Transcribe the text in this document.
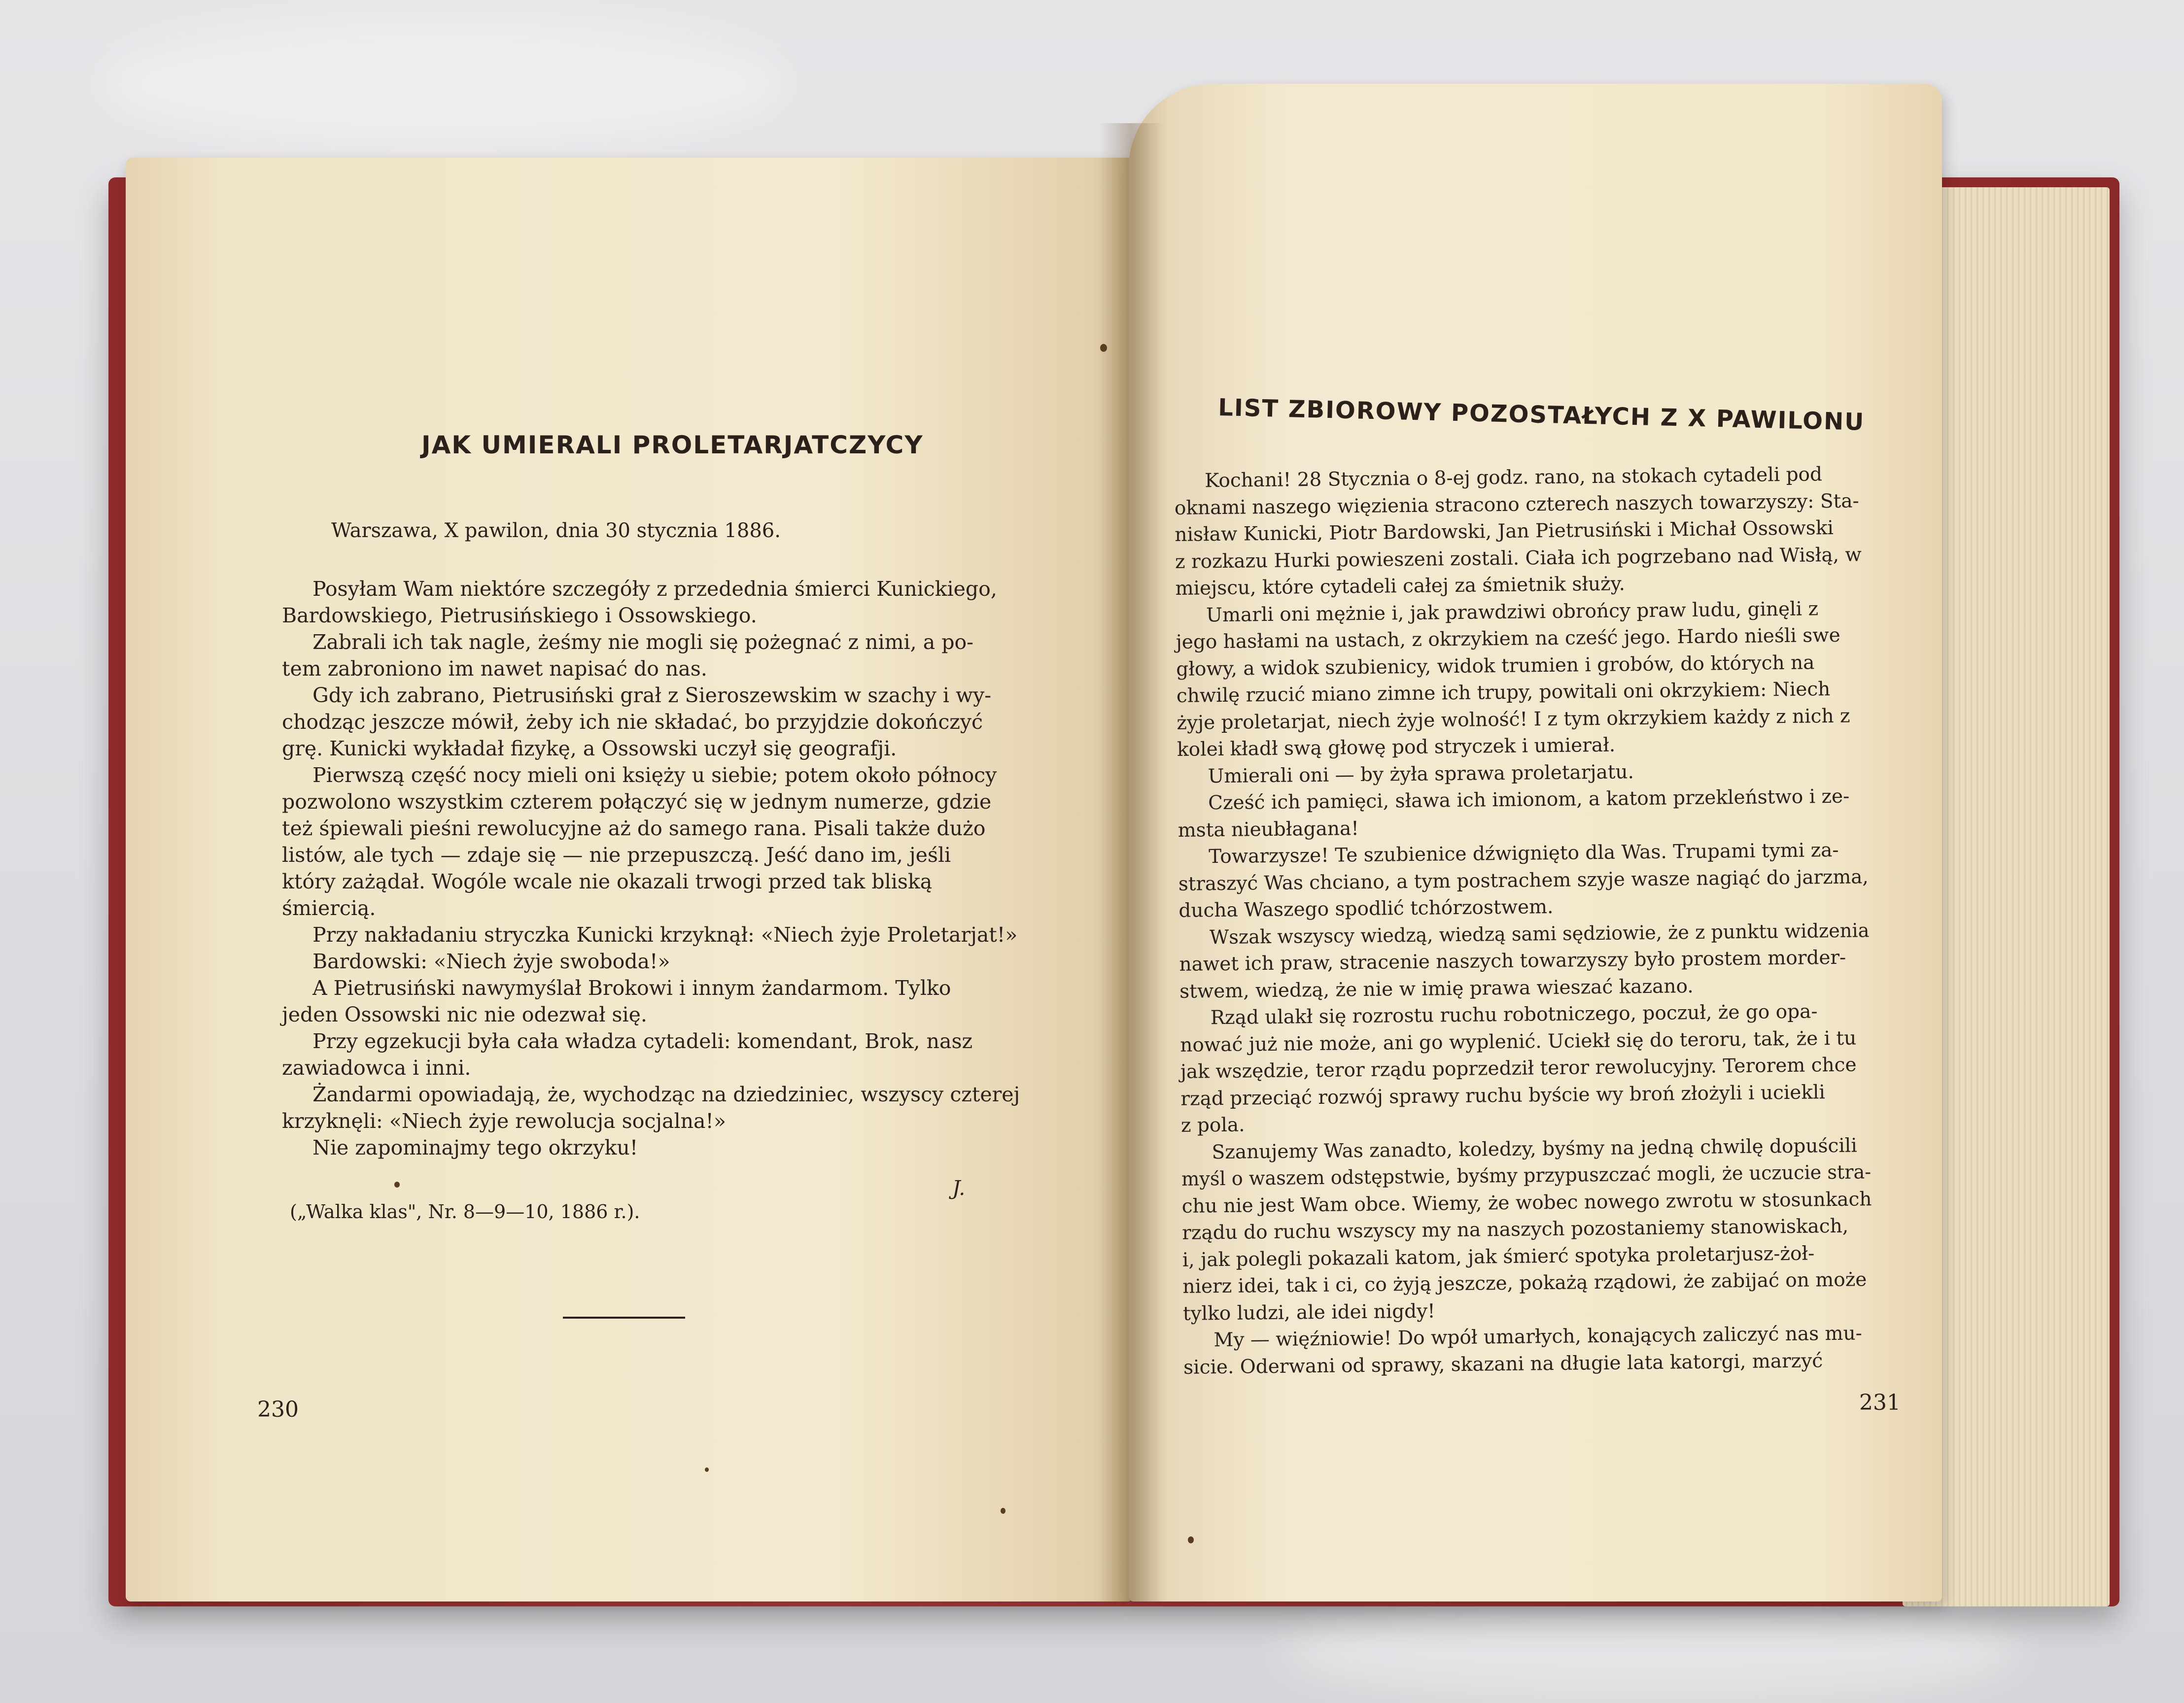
JAK UMIERALI PROLETARJATCZYCY
Warszawa, X pawilon, dnia 30 stycznia 1886.
Posyłam Wam niektóre szczegóły z przedednia śmierci Kunickiego,
Bardowskiego, Pietrusińskiego i Ossowskiego.
Zabrali ich tak nagle, żeśmy nie mogli się pożegnać z nimi, a po-
tem zabroniono im nawet napisać do nas.
Gdy ich zabrano, Pietrusiński grał z Sieroszewskim w szachy i wy-
chodząc jeszcze mówił, żeby ich nie składać, bo przyjdzie dokończyć
grę. Kunicki wykładał fizykę, a Ossowski uczył się geografji.
Pierwszą część nocy mieli oni księży u siebie; potem około północy
pozwolono wszystkim czterem połączyć się w jednym numerze, gdzie
też śpiewali pieśni rewolucyjne aż do samego rana. Pisali także dużo
listów, ale tych — zdaje się — nie przepuszczą. Jeść dano im, jeśli
który zażądał. Wogóle wcale nie okazali trwogi przed tak bliską
śmiercią.
Przy nakładaniu stryczka Kunicki krzyknął: «Niech żyje Proletarjat!»
Bardowski: «Niech żyje swoboda!»
A Pietrusiński nawymyślał Brokowi i innym żandarmom. Tylko
jeden Ossowski nic nie odezwał się.
Przy egzekucji była cała władza cytadeli: komendant, Brok, nasz
zawiadowca i inni.
Żandarmi opowiadają, że, wychodząc na dziedziniec, wszyscy czterej
krzyknęli: «Niech żyje rewolucja socjalna!»
Nie zapominajmy tego okrzyku!
J.
(„Walka klas", Nr. 8—9—10, 1886 r.).
230
LIST ZBIOROWY POZOSTAŁYCH Z X PAWILONU
Kochani! 28 Stycznia o 8-ej godz. rano, na stokach cytadeli pod
oknami naszego więzienia stracono czterech naszych towarzyszy: Sta-
nisław Kunicki, Piotr Bardowski, Jan Pietrusiński i Michał Ossowski
z rozkazu Hurki powieszeni zostali. Ciała ich pogrzebano nad Wisłą, w
miejscu, które cytadeli całej za śmietnik służy.
Umarli oni mężnie i, jak prawdziwi obrońcy praw ludu, ginęli z
jego hasłami na ustach, z okrzykiem na cześć jego. Hardo nieśli swe
głowy, a widok szubienicy, widok trumien i grobów, do których na
chwilę rzucić miano zimne ich trupy, powitali oni okrzykiem: Niech
żyje proletarjat, niech żyje wolność! I z tym okrzykiem każdy z nich z
kolei kładł swą głowę pod stryczek i umierał.
Umierali oni — by żyła sprawa proletarjatu.
Cześć ich pamięci, sława ich imionom, a katom przekleństwo i ze-
msta nieubłagana!
Towarzysze! Te szubienice dźwignięto dla Was. Trupami tymi za-
straszyć Was chciano, a tym postrachem szyje wasze nagiąć do jarzma,
ducha Waszego spodlić tchórzostwem.
Wszak wszyscy wiedzą, wiedzą sami sędziowie, że z punktu widzenia
nawet ich praw, stracenie naszych towarzyszy było prostem morder-
stwem, wiedzą, że nie w imię prawa wieszać kazano.
Rząd ulakł się rozrostu ruchu robotniczego, poczuł, że go opa-
nować już nie może, ani go wyplenić. Uciekł się do teroru, tak, że i tu
jak wszędzie, teror rządu poprzedził teror rewolucyjny. Terorem chce
rząd przeciąć rozwój sprawy ruchu byście wy broń złożyli i uciekli
z pola.
Szanujemy Was zanadto, koledzy, byśmy na jedną chwilę dopuścili
myśl o waszem odstępstwie, byśmy przypuszczać mogli, że uczucie stra-
chu nie jest Wam obce. Wiemy, że wobec nowego zwrotu w stosunkach
rządu do ruchu wszyscy my na naszych pozostaniemy stanowiskach,
i, jak polegli pokazali katom, jak śmierć spotyka proletarjusz-żoł-
nierz idei, tak i ci, co żyją jeszcze, pokażą rządowi, że zabijać on może
tylko ludzi, ale idei nigdy!
My — więźniowie! Do wpół umarłych, konających zaliczyć nas mu-
sicie. Oderwani od sprawy, skazani na długie lata katorgi, marzyć
231
